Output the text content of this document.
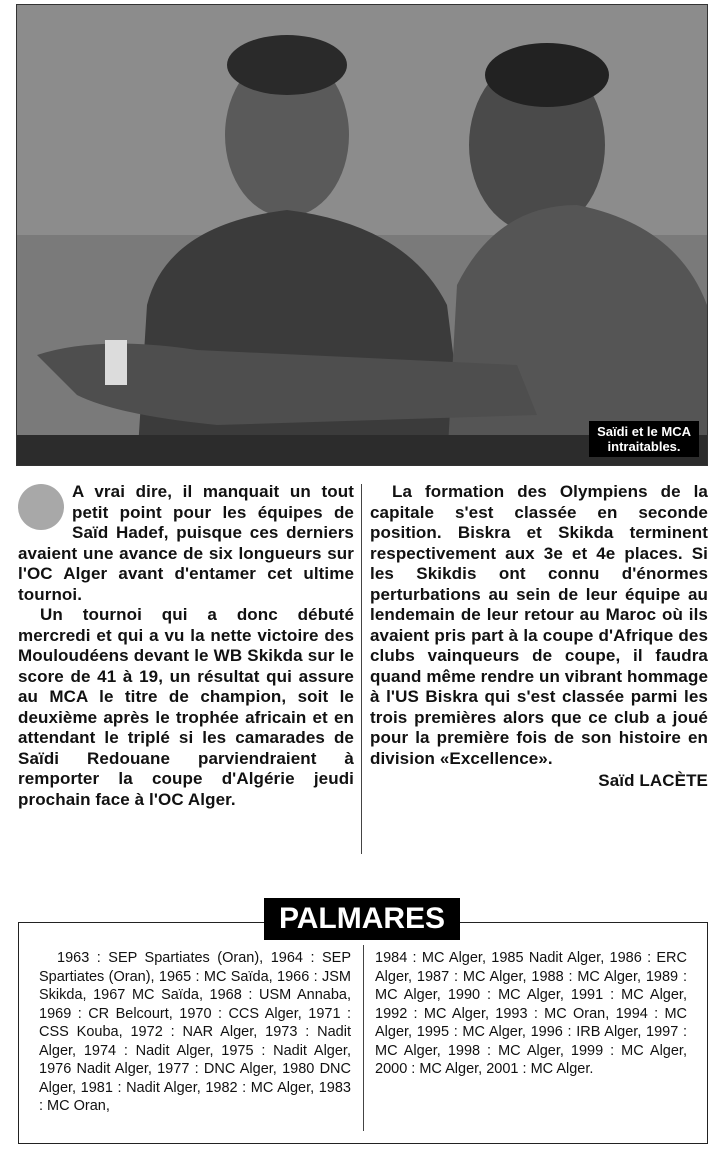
Saïdi et le MCA
intraitables.

A vrai dire, il manquait un tout petit point pour les équipes de Saïd Hadef, puisque ces derniers avaient une avance de six longueurs sur l'OC Alger avant d'entamer cet ultime tournoi.

Un tournoi qui a donc débuté mercredi et qui a vu la nette victoire des Mouloudéens devant le WB Skikda sur le score de 41 à 19, un résultat qui assure au MCA le titre de champion, soit le deuxième après le trophée africain et en attendant le triplé si les camarades de Saïdi Redouane parviendraient à remporter la coupe d'Algérie jeudi prochain face à l'OC Alger.

La formation des Olympiens de la capitale s'est classée en seconde position. Biskra et Skikda terminent respectivement aux 3e et 4e places. Si les Skikdis ont connu d'énormes perturbations au sein de leur équipe au lendemain de leur retour au Maroc où ils avaient pris part à la coupe d'Afrique des clubs vainqueurs de coupe, il faudra quand même rendre un vibrant hommage à l'US Biskra qui s'est classée parmi les trois premières alors que ce club a joué pour la première fois de son histoire en division «Excellence».

Saïd LACÈTE
1963 : SEP Spartiates (Oran), 1964 : SEP Spartiates (Oran), 1965 : MC Saïda, 1966 : JSM Skikda, 1967 MC Saïda, 1968 : USM Annaba, 1969 : CR Belcourt, 1970 : CCS Alger, 1971 : CSS Kouba, 1972 : NAR Alger, 1973 : Nadit Alger, 1974 : Nadit Alger, 1975 : Nadit Alger, 1976 Nadit Alger, 1977 : DNC Alger, 1980 DNC Alger, 1981 : Nadit Alger, 1982 : MC Alger, 1983 : MC Oran,
1984 : MC Alger, 1985 Nadit Alger, 1986 : ERC Alger, 1987 : MC Alger, 1988 : MC Alger, 1989 : MC Alger, 1990 : MC Alger, 1991 : MC Alger, 1992 : MC Alger, 1993 : MC Oran, 1994 : MC Alger, 1995 : MC Alger, 1996 : IRB Alger, 1997 : MC Alger, 1998 : MC Alger, 1999 : MC Alger, 2000 : MC Alger, 2001 : MC Alger.
PALMARES
